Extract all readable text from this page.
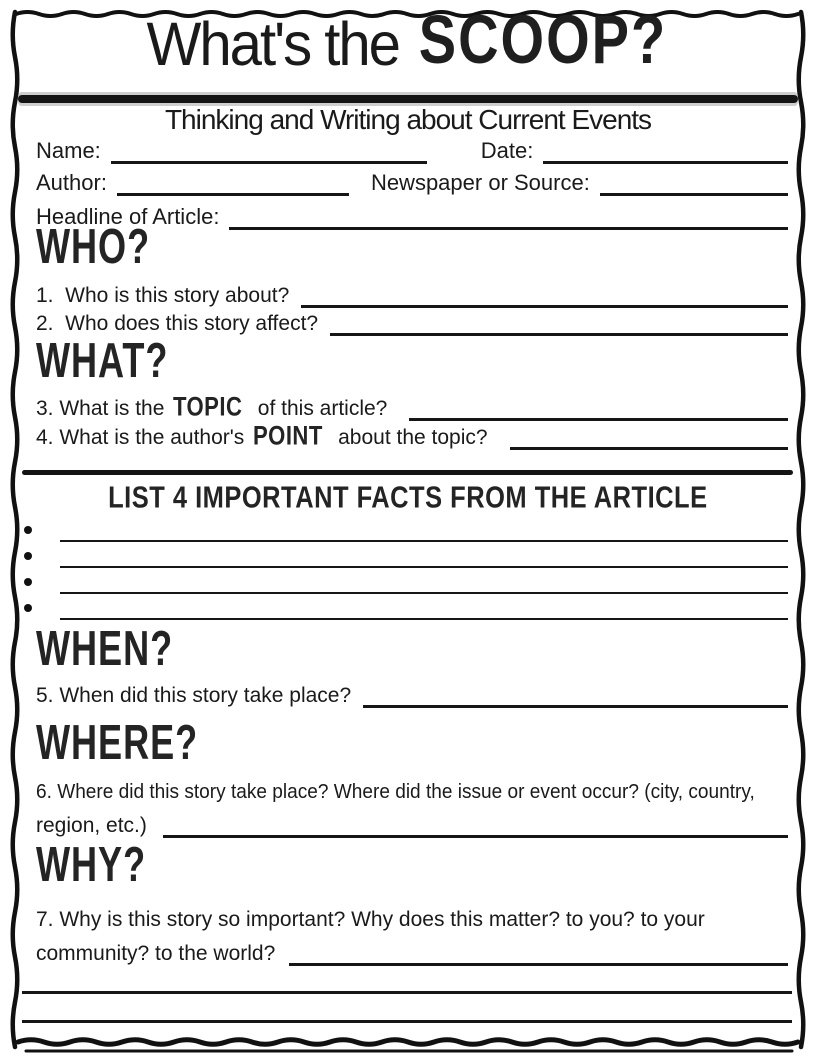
What's the SCOOP?
Thinking and Writing about Current Events
Name:	Date:
Author:	Newspaper or Source:
Headline of Article:
WHO?
1.  Who is this story about?
2.  Who does this story affect?
WHAT?
3. What is the TOPIC of this article?
4. What is the author's POINT about the topic?
LIST 4 IMPORTANT FACTS FROM THE ARTICLE
WHEN?
5. When did this story take place?
WHERE?
6. Where did this story take place? Where did the issue or event occur? (city, country,
region, etc.)
WHY?
7. Why is this story so important? Why does this matter? to you? to your
community? to the world?
